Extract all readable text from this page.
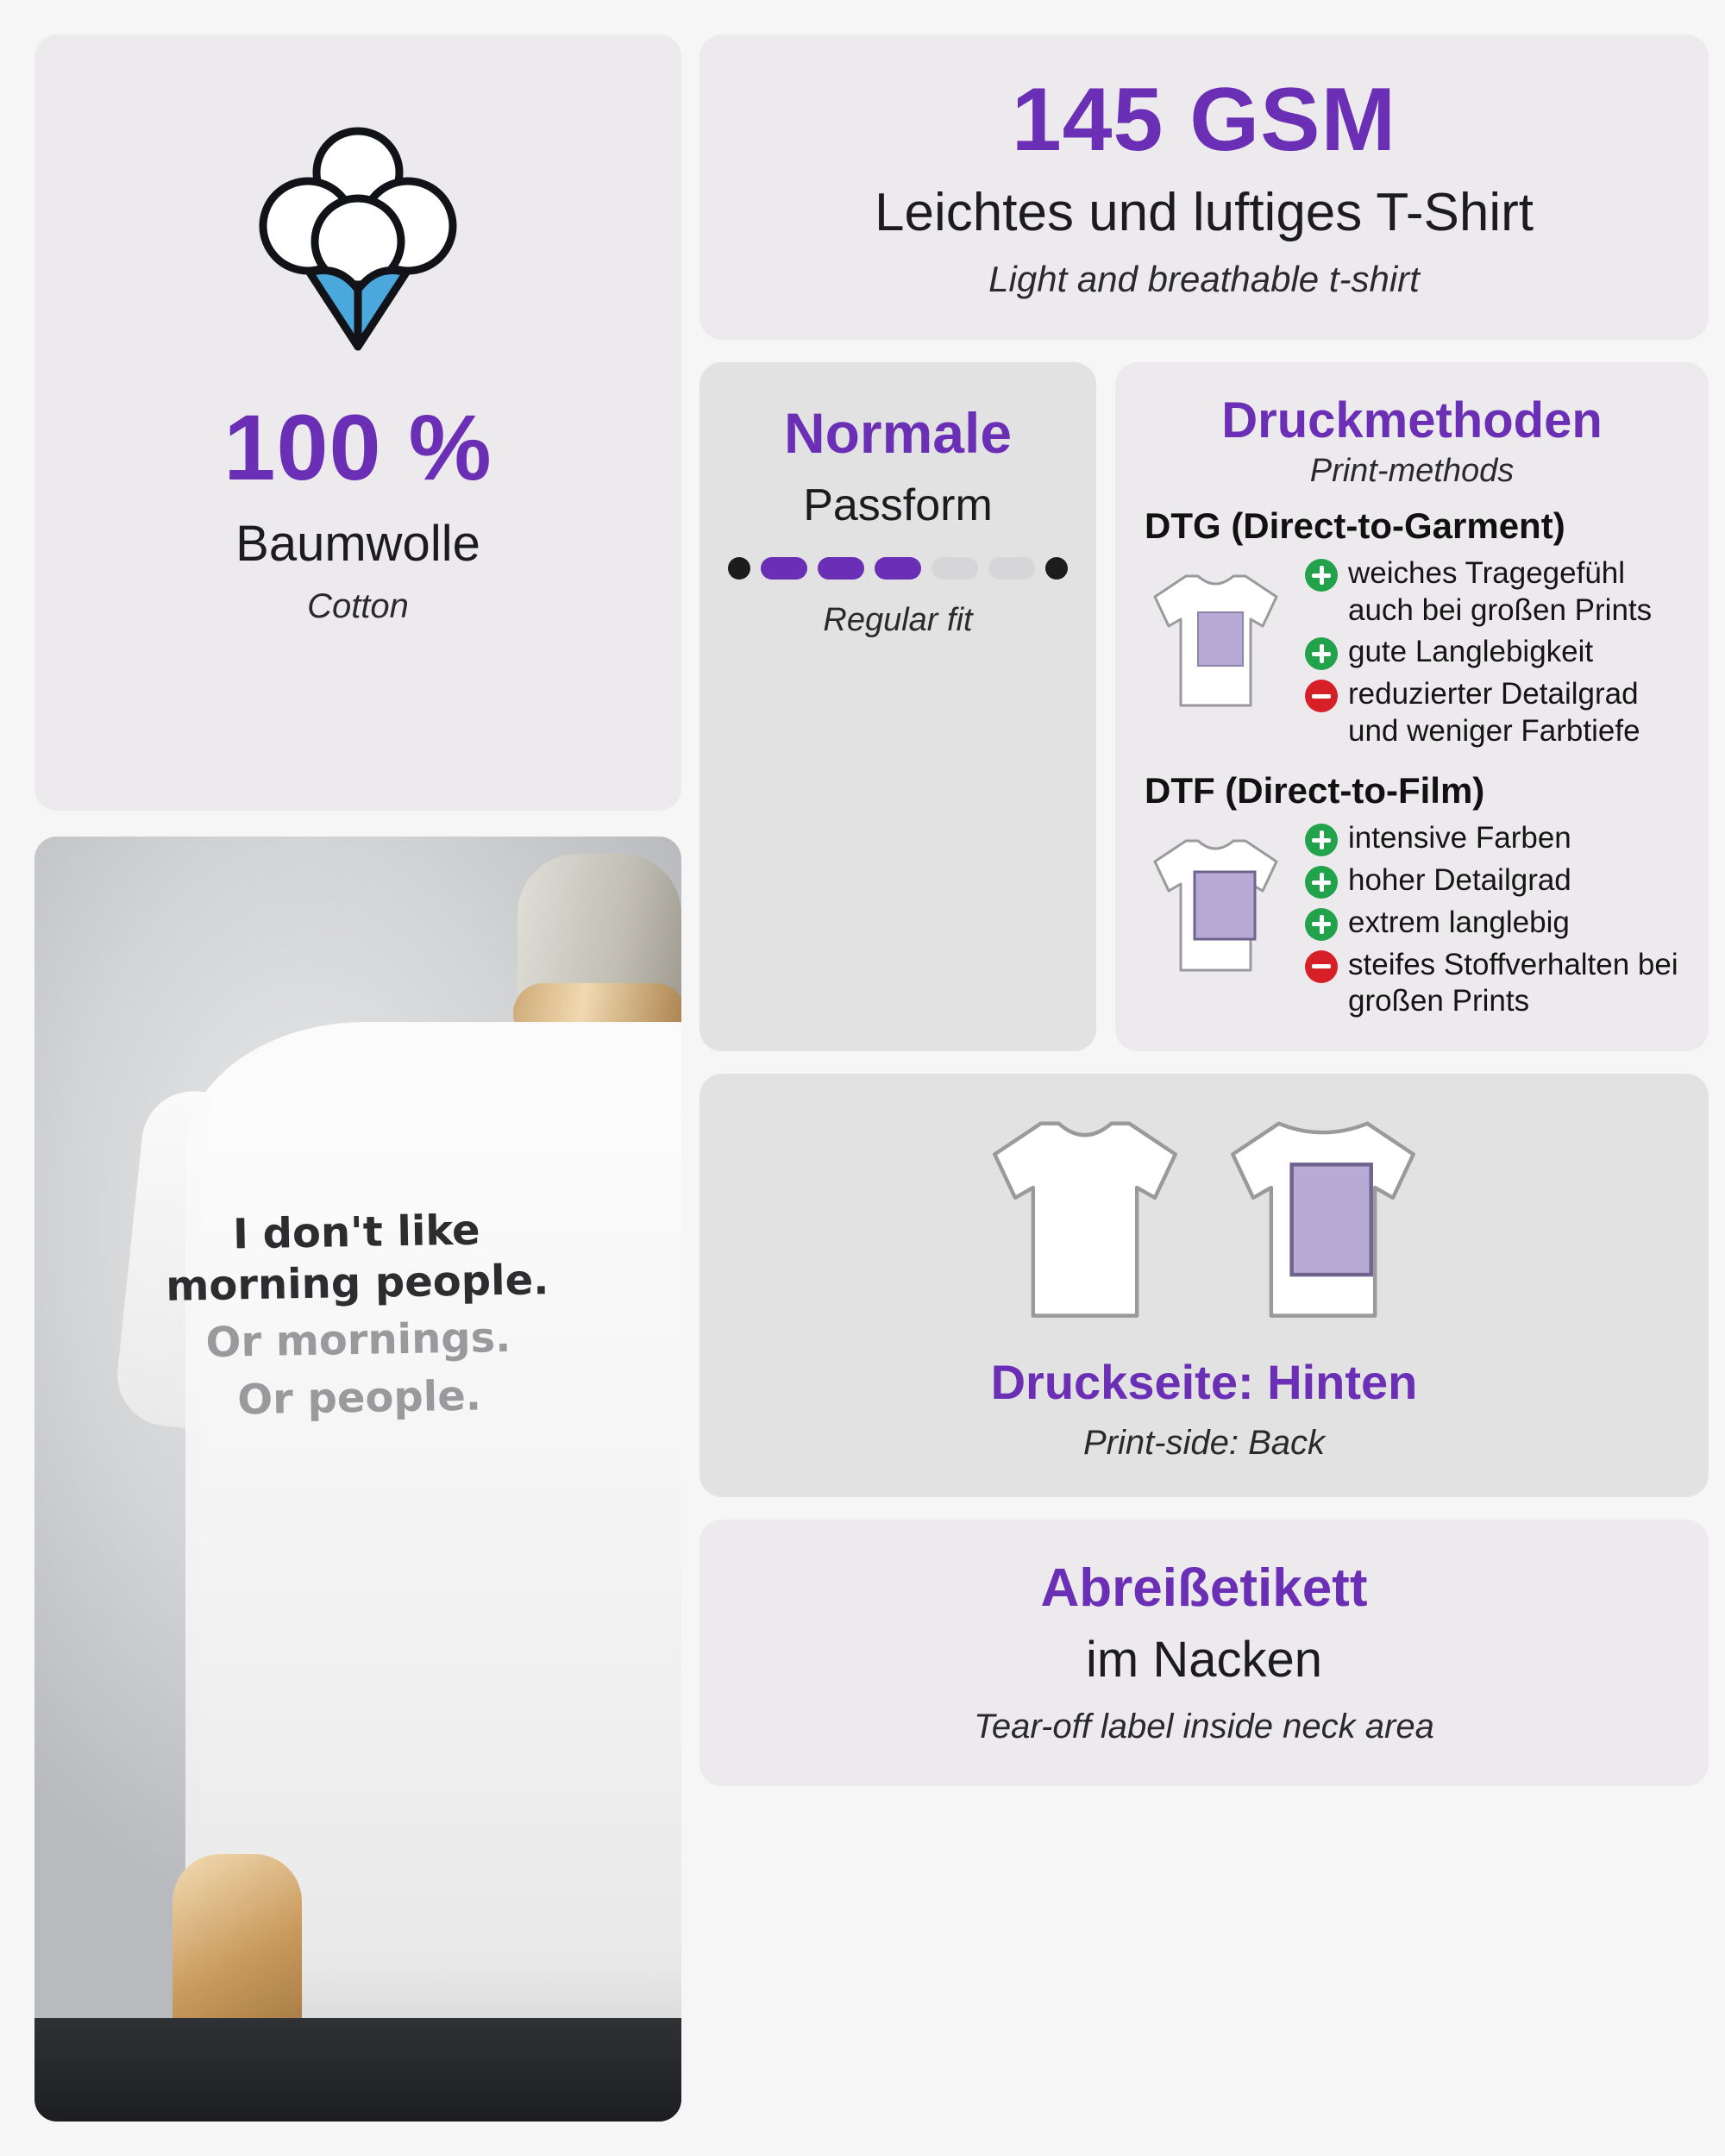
100 %
Baumwolle
Cotton
I don't like
morning people.
Or mornings.
Or people.
145 GSM
Leichtes und luftiges T-Shirt
Light and breathable t-shirt
Normale
Passform
Regular fit
Druckmethoden
Print-methods
DTG (Direct-to-Garment)
weiches Tragegefühl auch bei großen Prints
gute Langlebigkeit
reduzierter Detailgrad und weniger Farbtiefe
DTF (Direct-to-Film)
intensive Farben
hoher Detailgrad
extrem langlebig
steifes Stoffverhalten bei großen Prints
Druckseite: Hinten
Print-side: Back
Abreißetikett
im Nacken
Tear-off label inside neck area
